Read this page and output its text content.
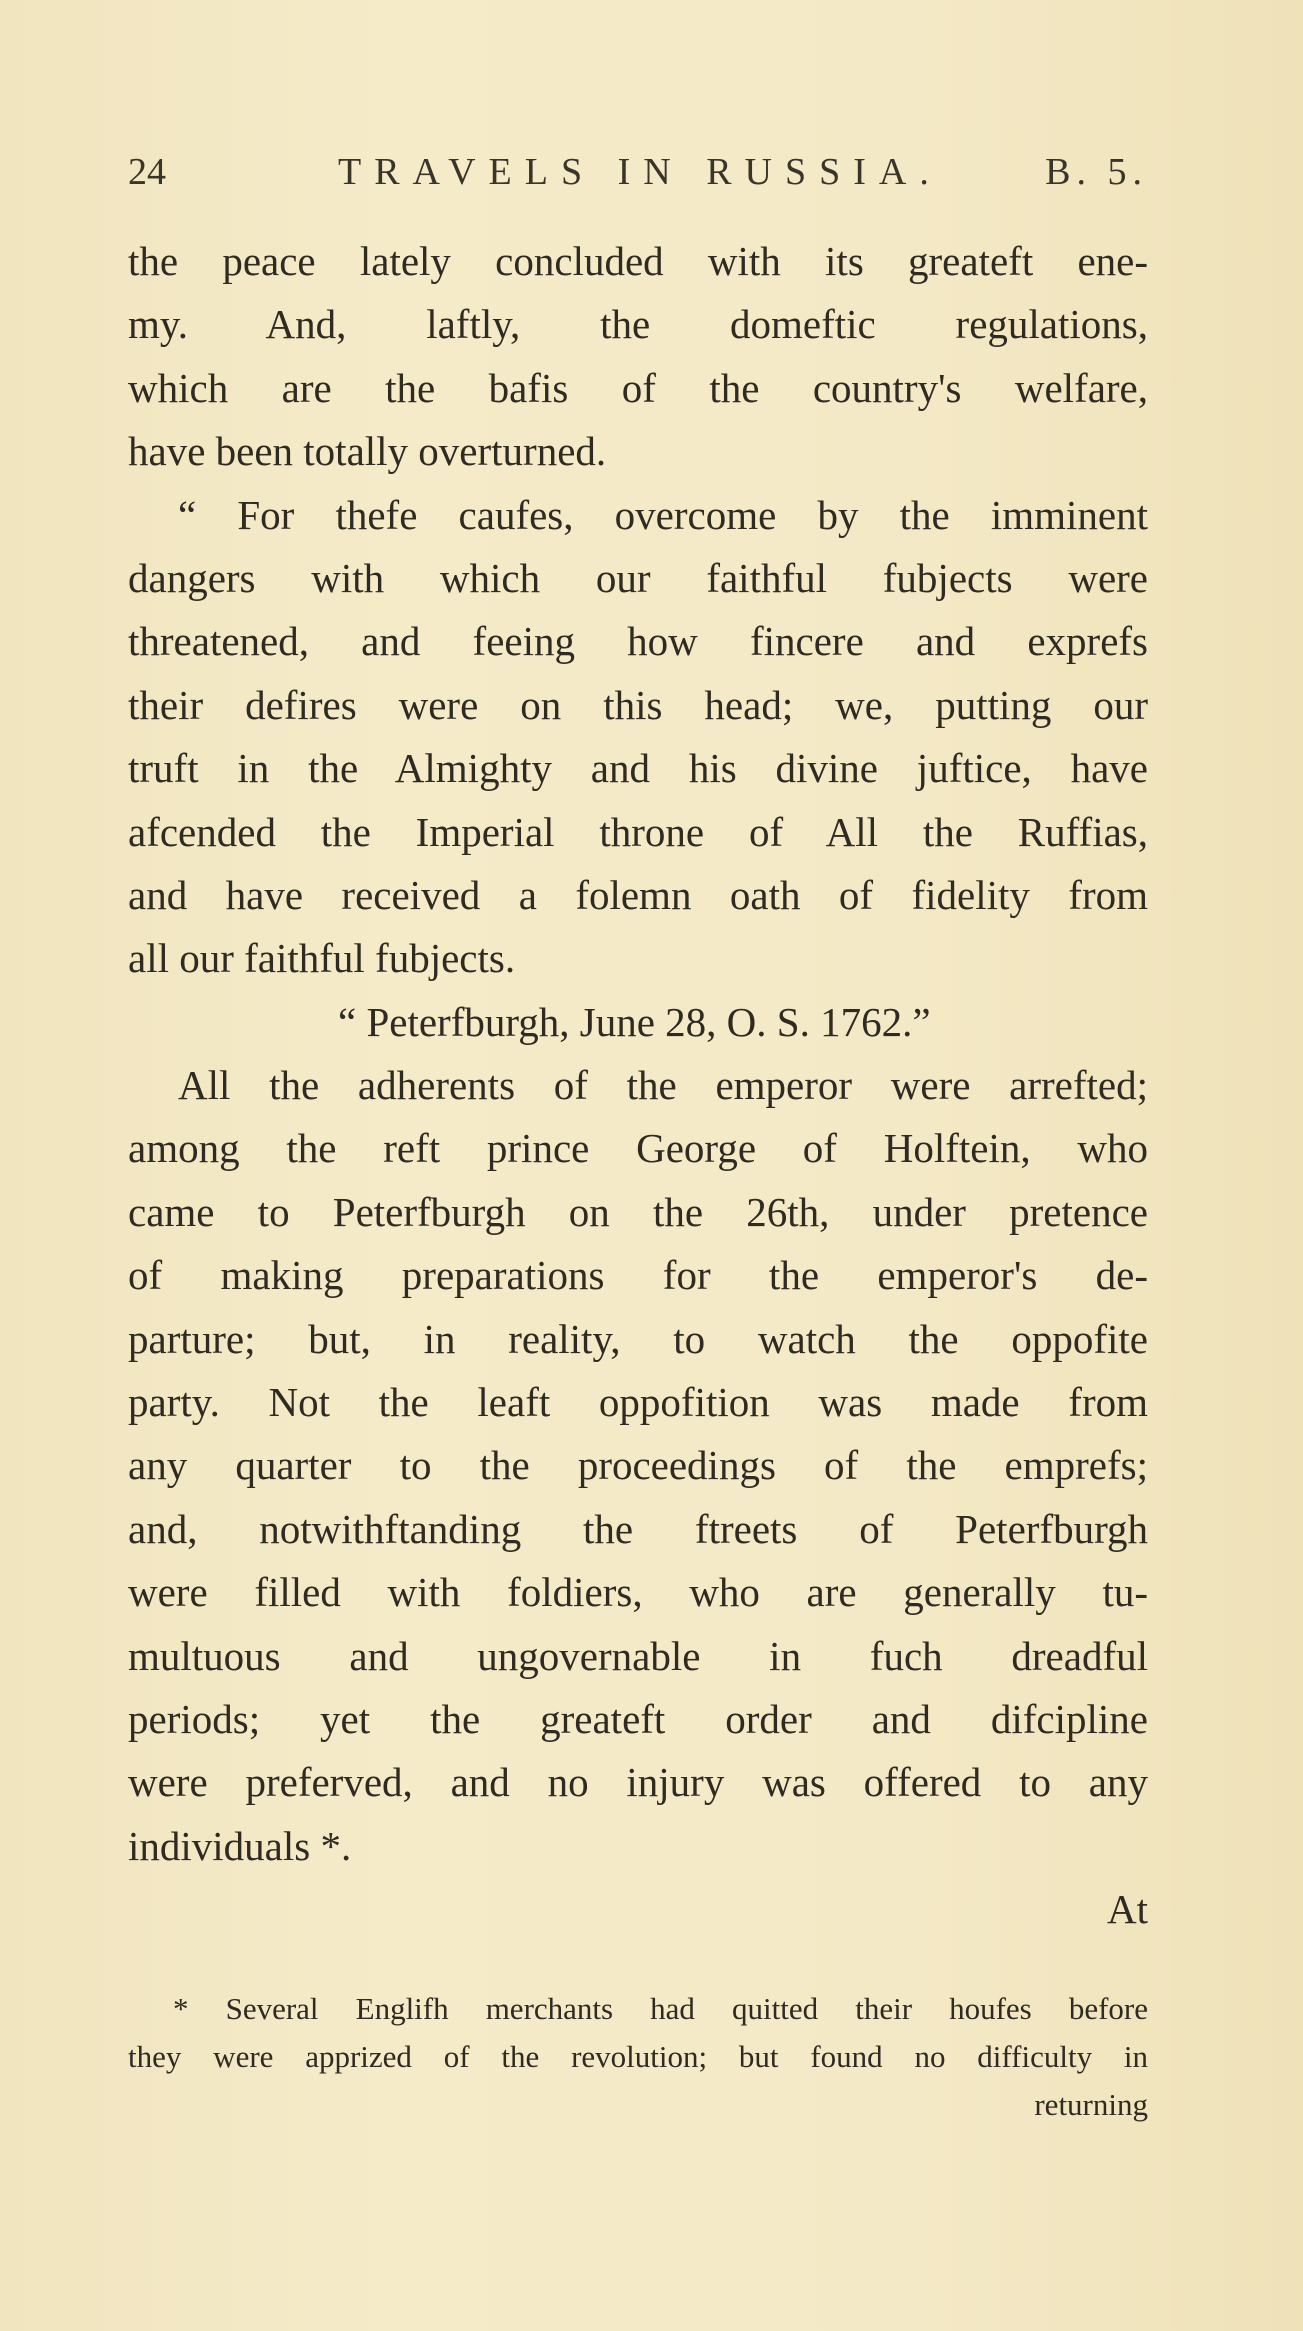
24	TRAVELS IN RUSSIA.	B. 5.
the peace lately concluded with its greateft ene-
my. And, laftly, the domeftic regulations,
which are the bafis of the country's welfare,
have been totally overturned.
“ For thefe caufes, overcome by the imminent
dangers with which our faithful fubjects were
threatened, and feeing how fincere and exprefs
their defires were on this head; we, putting our
truft in the Almighty and his divine juftice, have
afcended the Imperial throne of All the Ruffias,
and have received a folemn oath of fidelity from
all our faithful fubjects.
“ Peterfburgh, June 28, O. S. 1762.”
All the adherents of the emperor were arrefted;
among the reft prince George of Holftein, who
came to Peterfburgh on the 26th, under pretence
of making preparations for the emperor's de-
parture; but, in reality, to watch the oppofite
party. Not the leaft oppofition was made from
any quarter to the proceedings of the emprefs;
and, notwithftanding the ftreets of Peterfburgh
were filled with foldiers, who are generally tu-
multuous and ungovernable in fuch dreadful
periods; yet the greateft order and difcipline
were preferved, and no injury was offered to any
individuals *.
At
* Several Englifh merchants had quitted their houfes before
they were apprized of the revolution; but found no difficulty in
returning
